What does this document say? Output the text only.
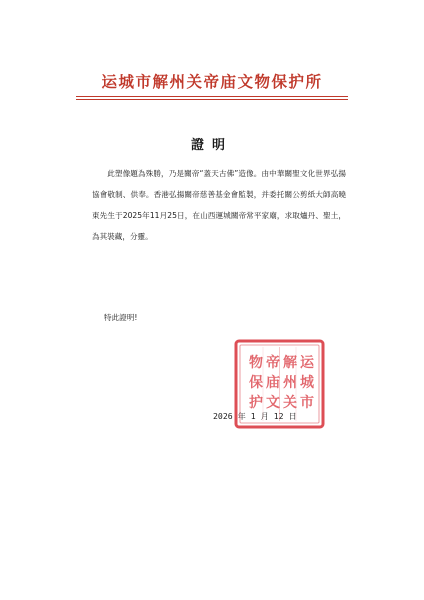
运城市解州关帝庙文物保护所
證明

此塑像題為殊勝，乃是關帝“蓋天古佛”造像。由中華關聖文化世界弘揚協會敬制、供奉。香港弘揚關帝慈善基金會監製，并委托關公剪紙大師高曉東先生于2025年11月25日，在山西運城關帝常平家廟，求取爐丹、聖土，為其裝藏，分靈。

特此證明!
2026 年 1 月 12 日
运
城
市
解
州
关
帝
庙
文
物
保
护
